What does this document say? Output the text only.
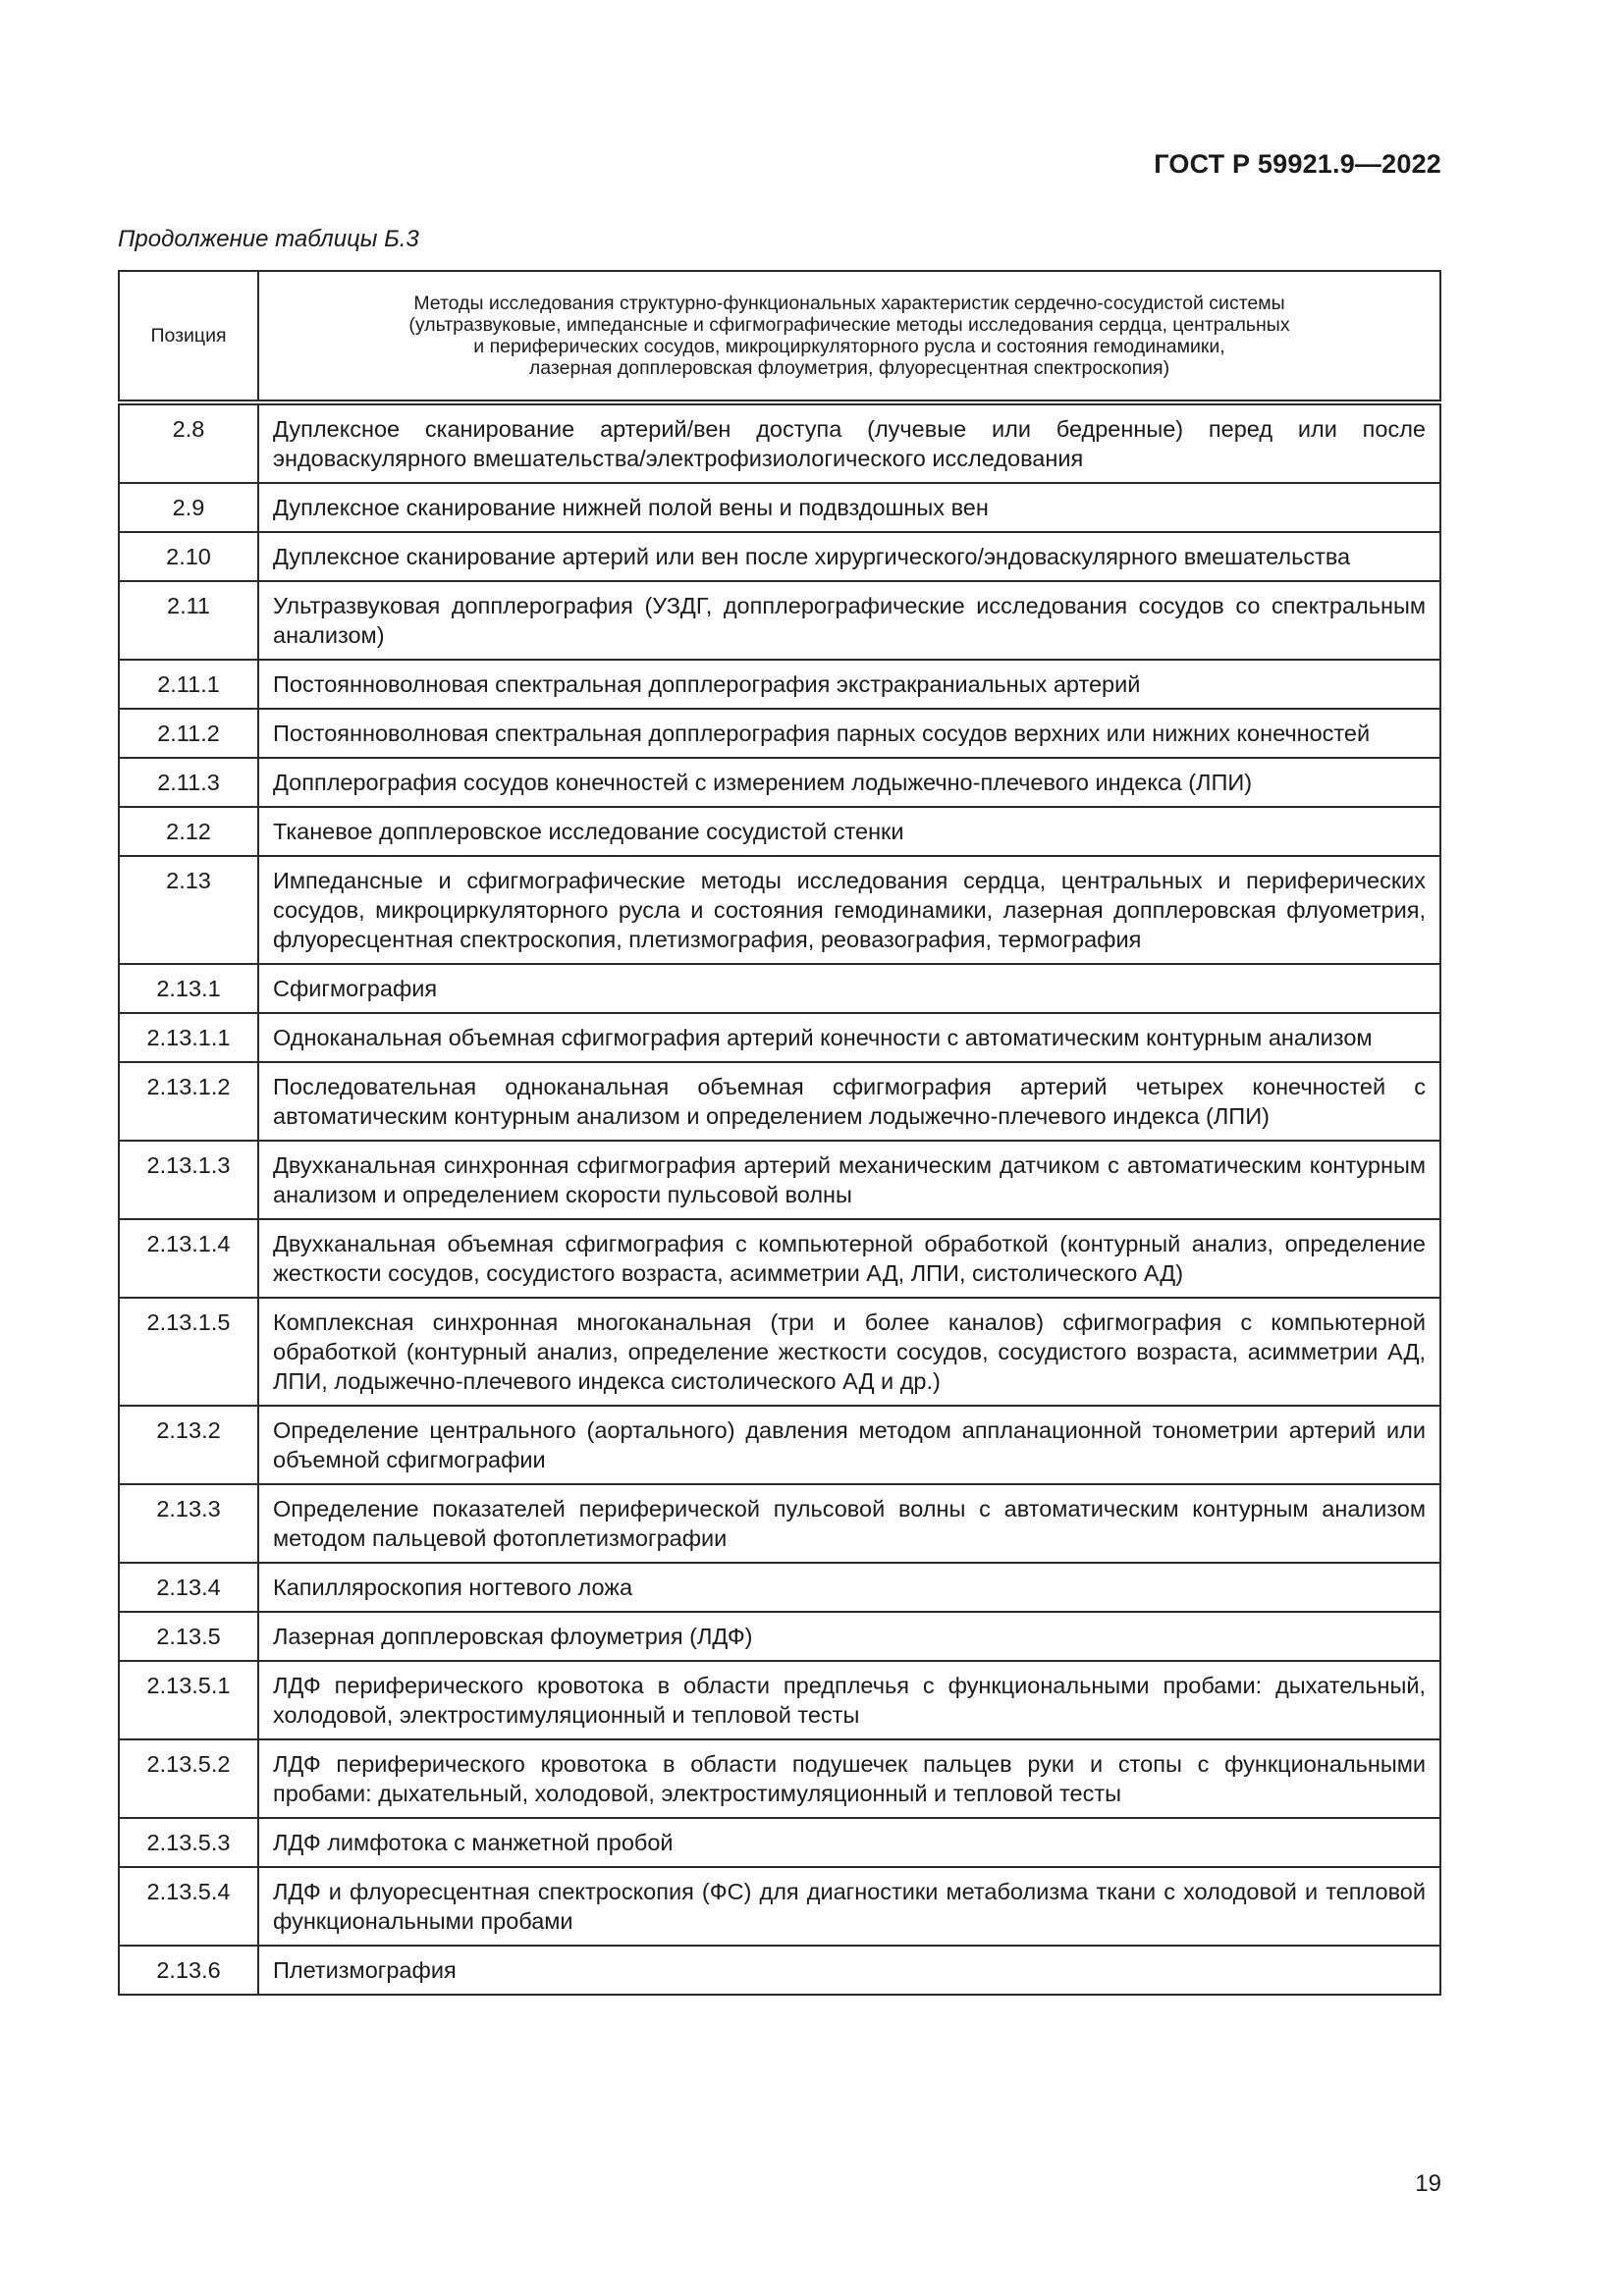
ГОСТ Р 59921.9—2022
Продолжение таблицы Б.3
Позиция	Методы исследования структурно-функциональных характеристик сердечно-сосудистой системы
(ультразвуковые, импедансные и сфигмографические методы исследования сердца, центральных
и периферических сосудов, микроциркуляторного русла и состояния гемодинамики,
лазерная допплеровская флоуметрия, флуоресцентная спектроскопия)

2.8	Дуплексное сканирование артерий/вен доступа (лучевые или бедренные) перед или после эндоваскулярного вмешательства/электрофизиологического исследования
2.9	Дуплексное сканирование нижней полой вены и подвздошных вен
2.10	Дуплексное сканирование артерий или вен после хирургического/эндоваскулярного вмешательства
2.11	Ультразвуковая допплерография (УЗДГ, допплерографические исследования сосудов со спектральным анализом)
2.11.1	Постоянноволновая спектральная допплерография экстракраниальных артерий
2.11.2	Постоянноволновая спектральная допплерография парных сосудов верхних или нижних конечностей
2.11.3	Допплерография сосудов конечностей с измерением лодыжечно-плечевого индекса (ЛПИ)
2.12	Тканевое допплеровское исследование сосудистой стенки
2.13	Импедансные и сфигмографические методы исследования сердца, центральных и периферических сосудов, микроциркуляторного русла и состояния гемодинамики, лазерная допплеровская флуометрия, флуоресцентная спектроскопия, плетизмография, реовазография, термография
2.13.1	Сфигмография
2.13.1.1	Одноканальная объемная сфигмография артерий конечности с автоматическим контурным анализом
2.13.1.2	Последовательная одноканальная объемная сфигмография артерий четырех конечностей с автоматическим контурным анализом и определением лодыжечно-плечевого индекса (ЛПИ)
2.13.1.3	Двухканальная синхронная сфигмография артерий механическим датчиком с автоматическим контурным анализом и определением скорости пульсовой волны
2.13.1.4	Двухканальная объемная сфигмография с компьютерной обработкой (контурный анализ, определение жесткости сосудов, сосудистого возраста, асимметрии АД, ЛПИ, систолического АД)
2.13.1.5	Комплексная синхронная многоканальная (три и более каналов) сфигмография с компьютерной обработкой (контурный анализ, определение жесткости сосудов, сосудистого возраста, асимметрии АД, ЛПИ, лодыжечно-плечевого индекса систолического АД и др.)
2.13.2	Определение центрального (аортального) давления методом аппланационной тонометрии артерий или объемной сфигмографии
2.13.3	Определение показателей периферической пульсовой волны с автоматическим контурным анализом методом пальцевой фотоплетизмографии
2.13.4	Капилляроскопия ногтевого ложа
2.13.5	Лазерная допплеровская флоуметрия (ЛДФ)
2.13.5.1	ЛДФ периферического кровотока в области предплечья с функциональными пробами: дыхательный, холодовой, электростимуляционный и тепловой тесты
2.13.5.2	ЛДФ периферического кровотока в области подушечек пальцев руки и стопы с функциональными пробами: дыхательный, холодовой, электростимуляционный и тепловой тесты
2.13.5.3	ЛДФ лимфотока с манжетной пробой
2.13.5.4	ЛДФ и флуоресцентная спектроскопия (ФС) для диагностики метаболизма ткани с холодовой и тепловой функциональными пробами
2.13.6	Плетизмография
19
